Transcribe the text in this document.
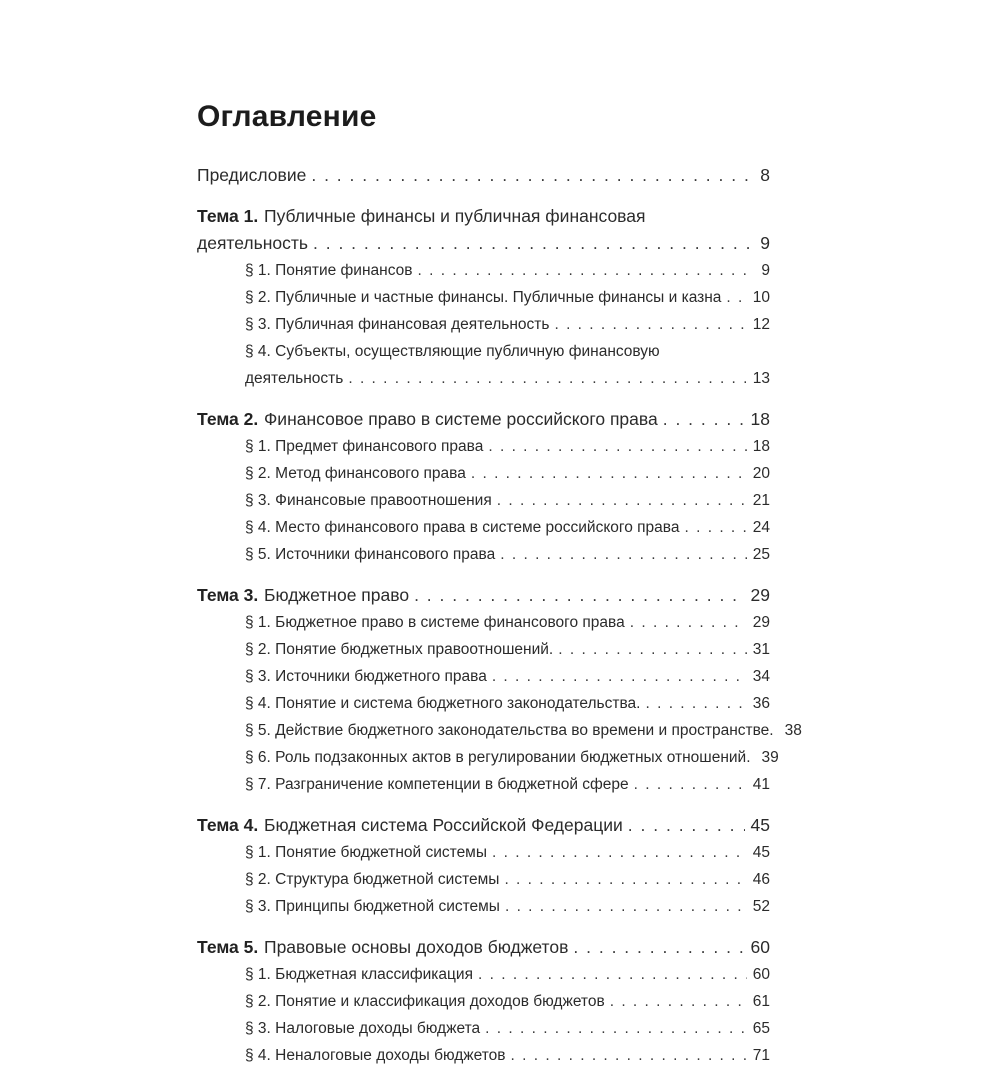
Оглавление
Предисловие . . .	8
Тема 1. Публичные финансы и публичная финансовая
деятельность . . .	9
§ 1. Понятие финансов . . .	9
§ 2. Публичные и частные финансы. Публичные финансы и казна . . . 10
§ 3. Публичная финансовая деятельность . . .	12
§ 4. Субъекты, осуществляющие публичную финансовую
деятельность . . .	13
Тема 2. Финансовое право в системе российского права . . .	18
§ 1. Предмет финансового права . . .	18
§ 2. Метод финансового права . . .	20
§ 3. Финансовые правоотношения . . .	21
§ 4. Место финансового права в системе российского права . . .	24
§ 5. Источники финансового права . . .	25
Тема 3. Бюджетное право . . .	29
§ 1. Бюджетное право в системе финансового права . . .	29
§ 2. Понятие бюджетных правоотношений. . . .	31
§ 3. Источники бюджетного права . . .	34
§ 4. Понятие и система бюджетного законодательства. . . .	36
§ 5. Действие бюджетного законодательства во времени и пространстве. 38
§ 6. Роль подзаконных актов в регулировании бюджетных отношений. 39
§ 7. Разграничение компетенции в бюджетной сфере . . .	41
Тема 4. Бюджетная система Российской Федерации . . .	45
§ 1. Понятие бюджетной системы . . .	45
§ 2. Структура бюджетной системы . . .	46
§ 3. Принципы бюджетной системы . . .	52
Тема 5. Правовые основы доходов бюджетов . . .	60
§ 1. Бюджетная классификация . . .	60
§ 2. Понятие и классификация доходов бюджетов . . .	61
§ 3. Налоговые доходы бюджета . . .	65
§ 4. Неналоговые доходы бюджетов . . .	71
